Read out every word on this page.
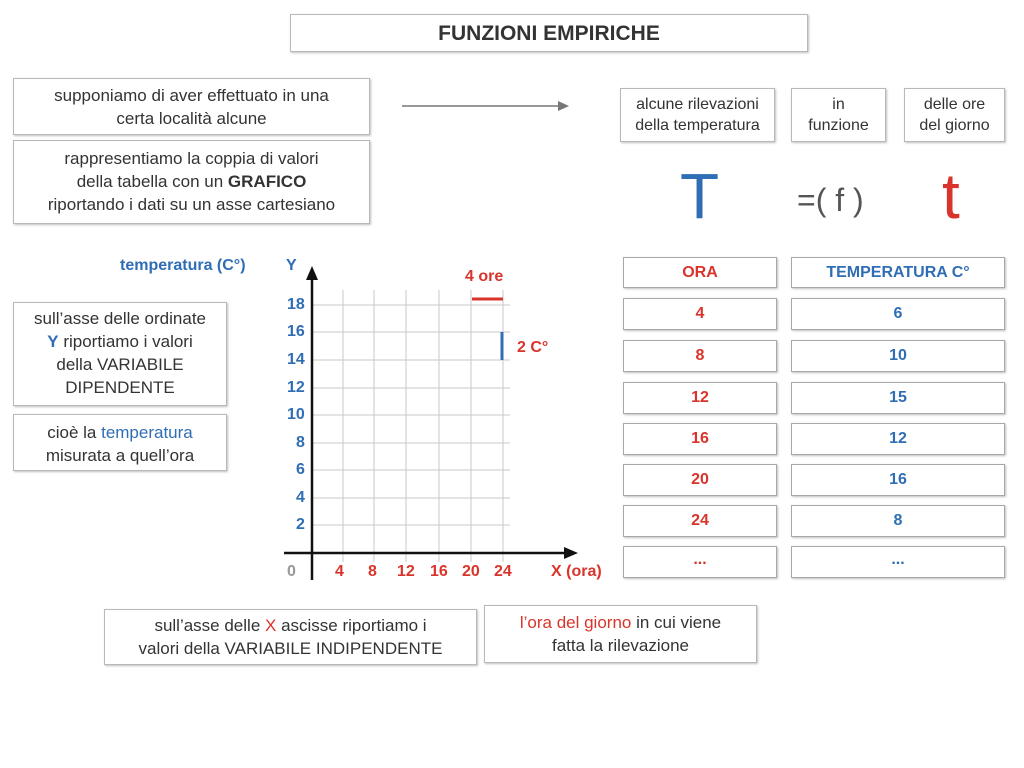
FUNZIONI EMPIRICHE
supponiamo di aver effettuato in una
certa località alcune
alcune rilevazioni
della temperatura
in
funzione
delle ore
del giorno
rappresentiamo la coppia di valori
della tabella con un GRAFICO
riportando i dati su un asse cartesiano	T =( f ) t
sull’asse delle ordinate
Y riportiamo i valori
della VARIABILE
DIPENDENTE
cioè la temperatura
misurata a quell’ora
temperatura (C°)	Y
18
16
14
12
10
8
6
4
2
0 4 8 12 16 20 24 X (ora)
4 ore
2 C°
ORA	TEMPERATURA C°
4	6
8	10
12	15
16	12
20	16
24	8
...	...
sull’asse delle X ascisse riportiamo i
valori della VARIABILE INDIPENDENTE
l’ora del giorno in cui viene
fatta la rilevazione
